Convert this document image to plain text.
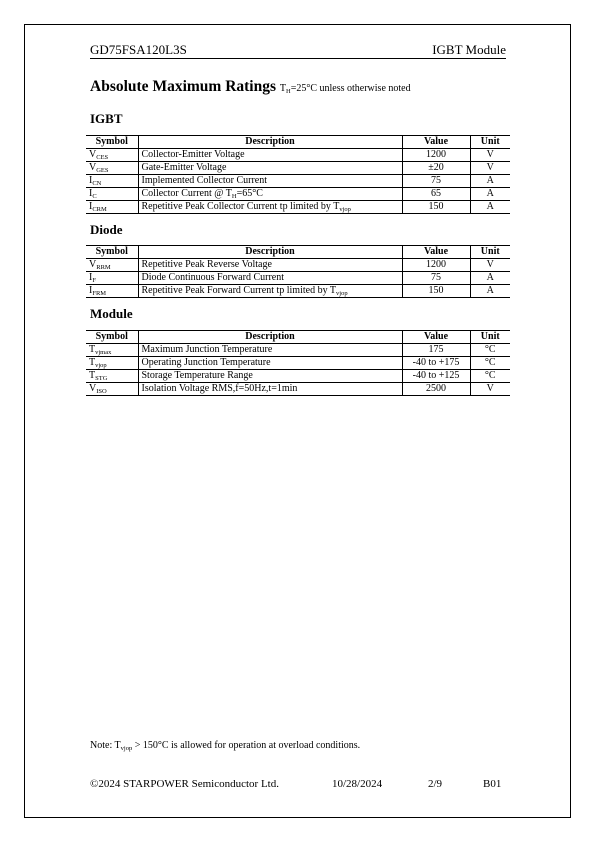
GD75FSA120L3S	IGBT Module
Absolute Maximum Ratings $T_H=25^\circ C$ unless otherwise noted
IGBT
Symbol	Description	Value	Unit
$V_{CES}$	Collector-Emitter Voltage	1200	V
$V_{GES}$	Gate-Emitter Voltage	±20	V
$I_{CN}$	Implemented Collector Current	75	A
$I_C$	Collector Current @ $T_H=65^\circ C$	65	A
$I_{CRM}$	Repetitive Peak Collector Current tp limited by $T_{vjop}$	150	A
Diode
Symbol	Description	Value	Unit
$V_{RRM}$	Repetitive Peak Reverse Voltage	1200	V
$I_F$	Diode Continuous Forward Current	75	A
$I_{FRM}$	Repetitive Peak Forward Current tp limited by $T_{vjop}$	150	A
Module
Symbol	Description	Value	Unit
$T_{vjmax}$	Maximum Junction Temperature	175	°C
$T_{vjop}$	Operating Junction Temperature	-40 to +175	°C
$T_{STG}$	Storage Temperature Range	-40 to +125	°C
$V_{ISO}$	Isolation Voltage RMS,f=50Hz,t=1min	2500	V
Note: $T_{vjop} > 150^\circ C$ is allowed for operation at overload conditions.
©2024 STARPOWER Semiconductor Ltd.	10/28/2024	2/9	B01
